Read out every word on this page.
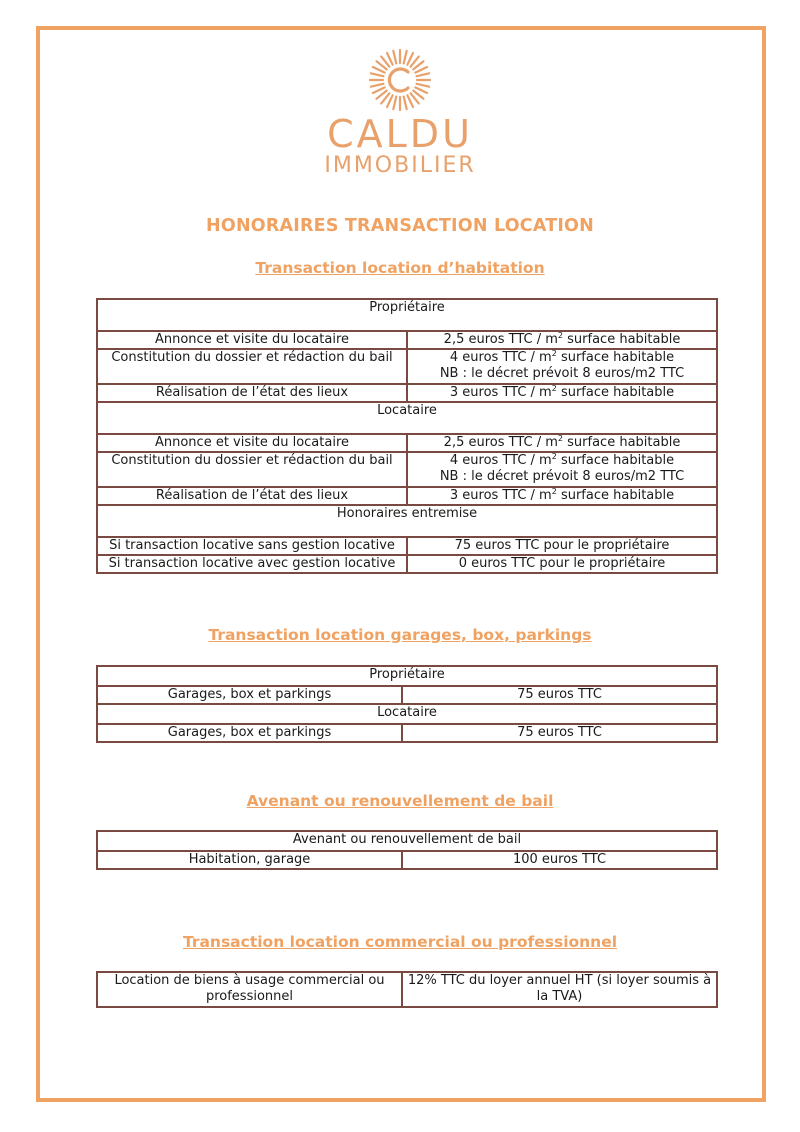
CALDU
IMMOBILIER
HONORAIRES TRANSACTION LOCATION
Transaction location d’habitation
Propriétaire	
Annonce et visite du locataire	2,5 euros TTC / $m^2$ surface habitable
Constitution du dossier et rédaction du bail	4 euros TTC / $m^2$ surface habitable
NB : le décret prévoit 8 euros/m2 TTC

Réalisation de l’état des lieux	3 euros TTC / $m^2$ surface habitable
Locataire	
Annonce et visite du locataire	2,5 euros TTC / $m^2$ surface habitable
Constitution du dossier et rédaction du bail	4 euros TTC / $m^2$ surface habitable
NB : le décret prévoit 8 euros/m2 TTC

Réalisation de l’état des lieux	3 euros TTC / $m^2$ surface habitable
Honoraires entremise	
Si transaction locative sans gestion locative	75 euros TTC pour le propriétaire
Si transaction locative avec gestion locative	0 euros TTC pour le propriétaire
Transaction location garages, box, parkings
Propriétaire	
Garages, box et parkings	75 euros TTC
Locataire	
Garages, box et parkings	75 euros TTC
Avenant ou renouvellement de bail
Avenant ou renouvellement de bail
Habitation, garage	100 euros TTC
Transaction location commercial ou professionnel
Location de biens à usage commercial ou professionnel	12% TTC du loyer annuel HT (si loyer soumis à la TVA)
